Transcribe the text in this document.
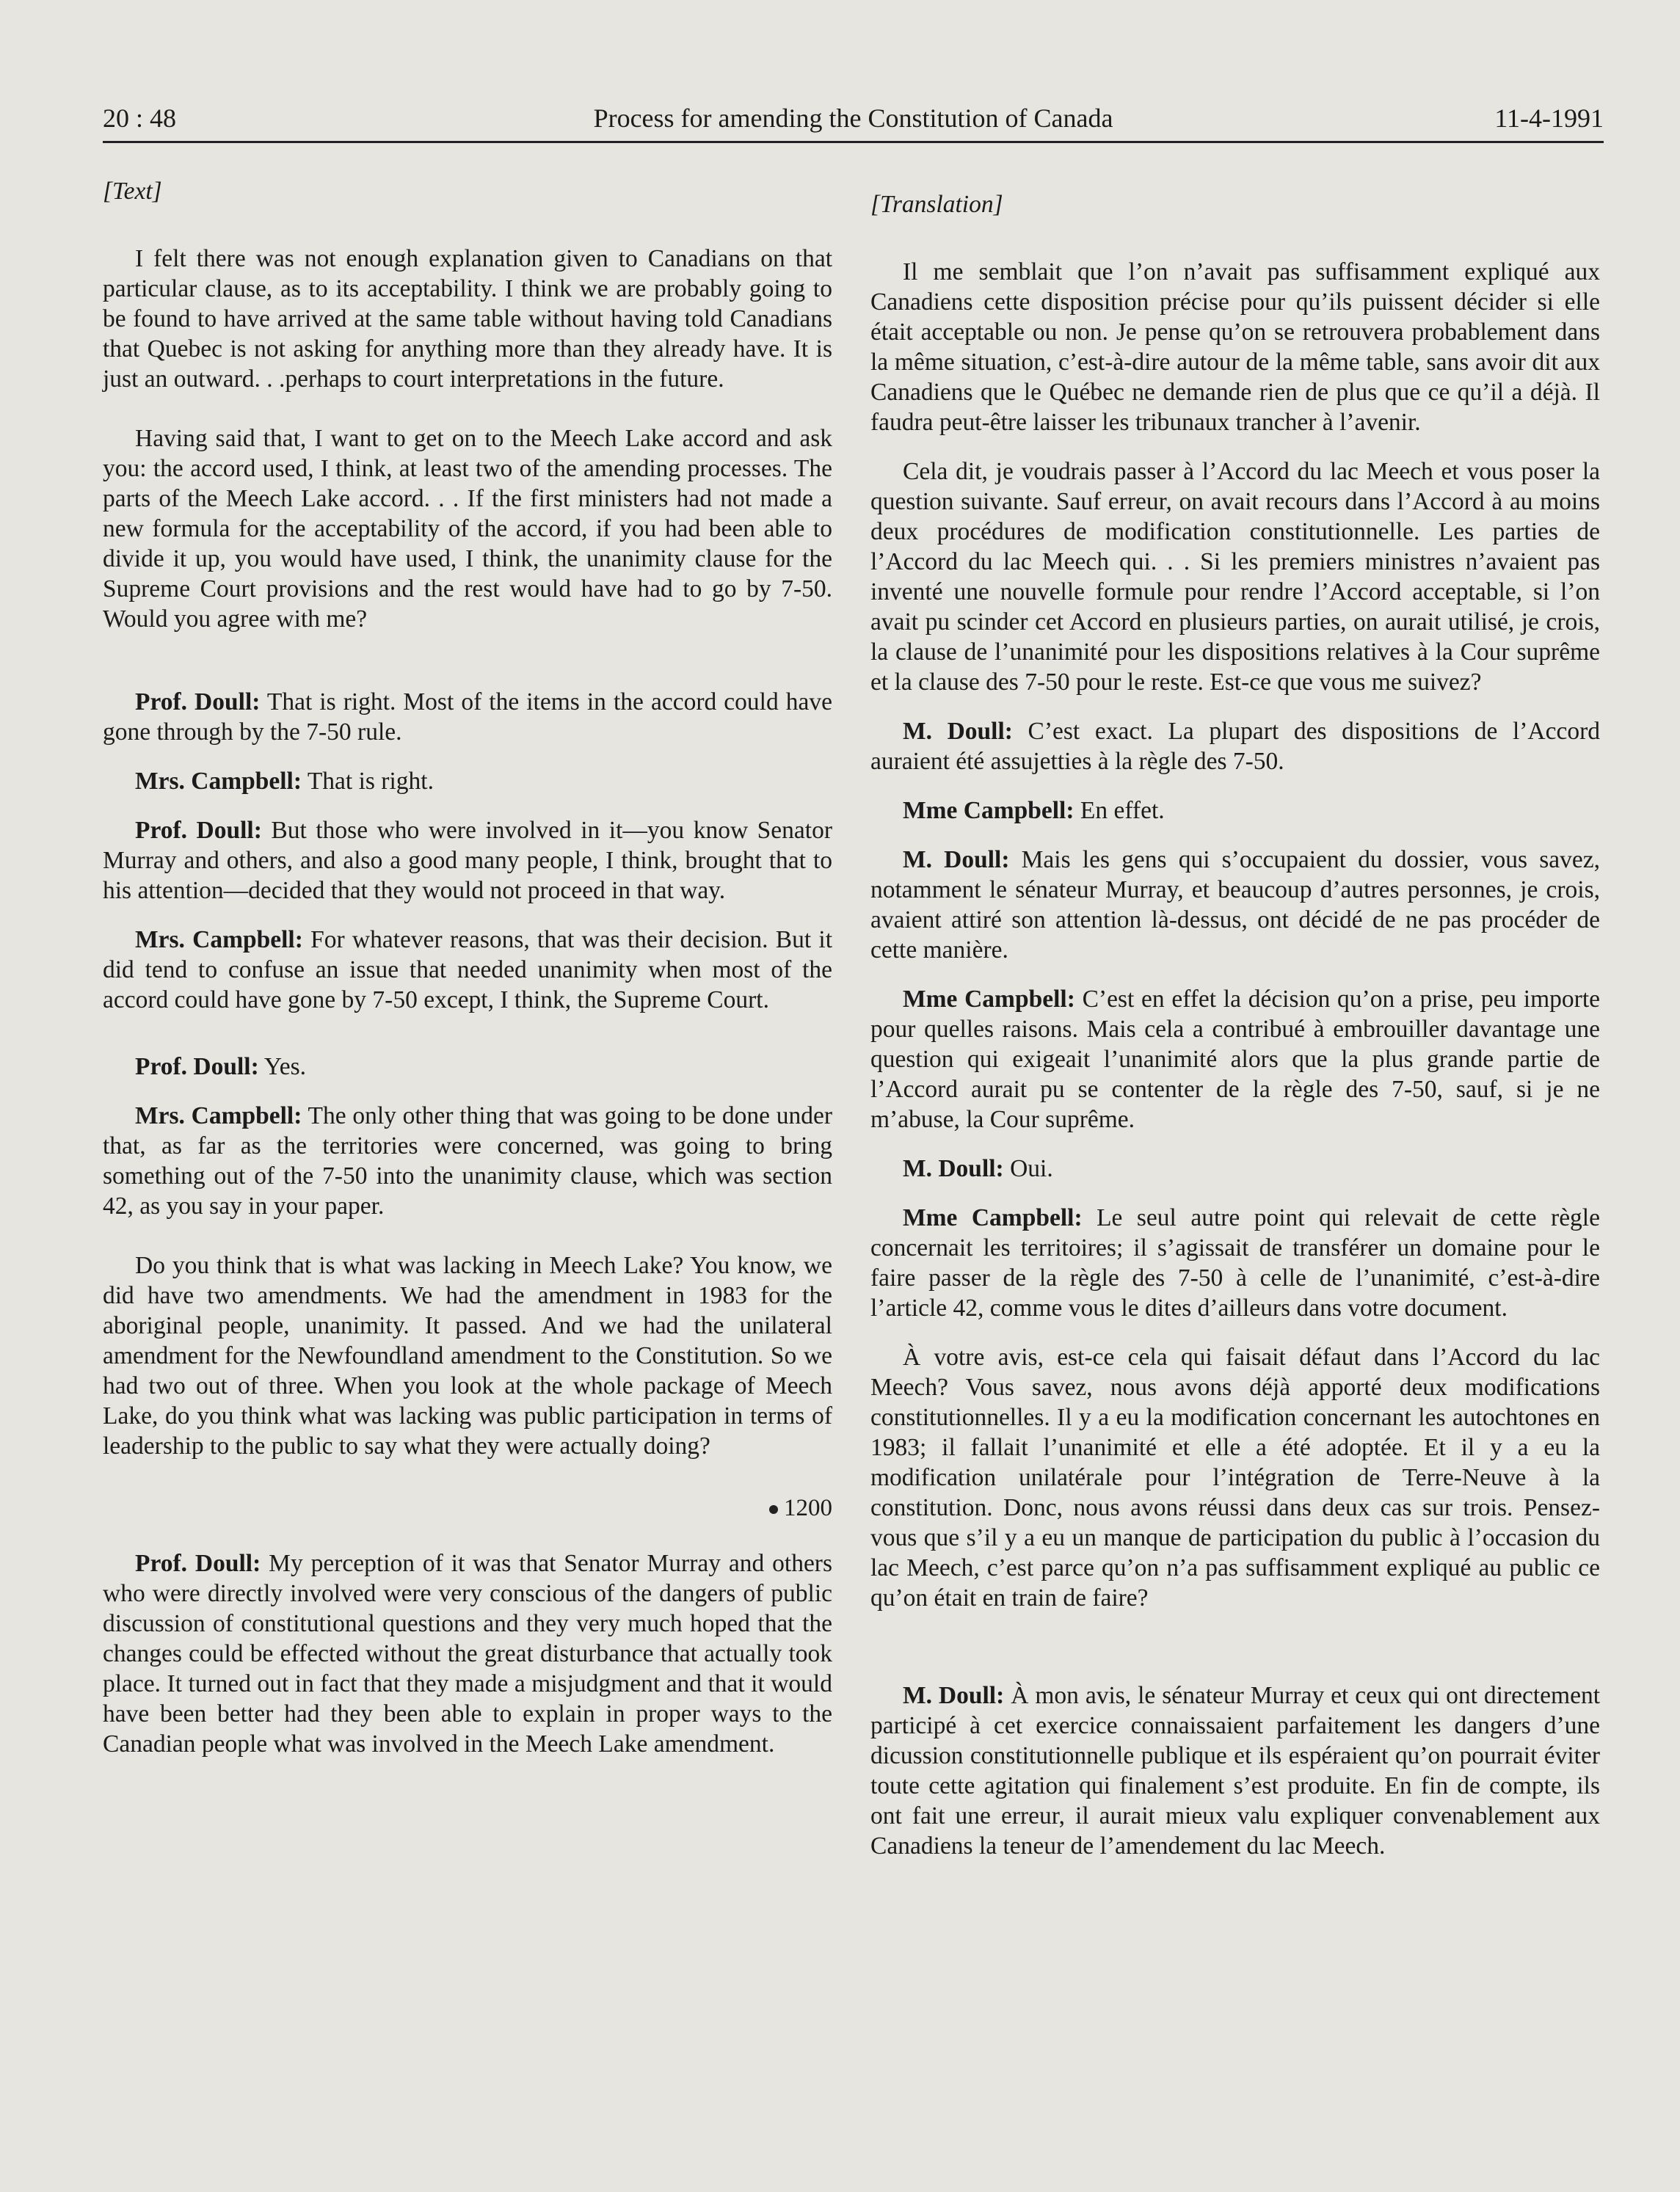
20 : 48	Process for amending the Constitution of Canada	11-4-1991
[Text]

I felt there was not enough explanation given to Canadians on that particular clause, as to its acceptability. I think we are probably going to be found to have arrived at the same table without having told Canadians that Quebec is not asking for anything more than they already have. It is just an outward. . .perhaps to court interpretations in the future.

Having said that, I want to get on to the Meech Lake accord and ask you: the accord used, I think, at least two of the amending processes. The parts of the Meech Lake accord. . . If the first ministers had not made a new formula for the acceptability of the accord, if you had been able to divide it up, you would have used, I think, the unanimity clause for the Supreme Court provisions and the rest would have had to go by 7-50. Would you agree with me?

Prof. Doull: That is right. Most of the items in the accord could have gone through by the 7-50 rule.

Mrs. Campbell: That is right.

Prof. Doull: But those who were involved in it—you know Senator Murray and others, and also a good many people, I think, brought that to his attention—decided that they would not proceed in that way.

Mrs. Campbell: For whatever reasons, that was their decision. But it did tend to confuse an issue that needed unanimity when most of the accord could have gone by 7-50 except, I think, the Supreme Court.

Prof. Doull: Yes.

Mrs. Campbell: The only other thing that was going to be done under that, as far as the territories were concerned, was going to bring something out of the 7-50 into the unanimity clause, which was section 42, as you say in your paper.

Do you think that is what was lacking in Meech Lake? You know, we did have two amendments. We had the amendment in 1983 for the aboriginal people, unanimity. It passed. And we had the unilateral amendment for the Newfoundland amendment to the Constitution. So we had two out of three. When you look at the whole package of Meech Lake, do you think what was lacking was public participation in terms of leadership to the public to say what they were actually doing?

1200

Prof. Doull: My perception of it was that Senator Murray and others who were directly involved were very conscious of the dangers of public discussion of constitutional questions and they very much hoped that the changes could be effected without the great disturbance that actually took place. It turned out in fact that they made a misjudgment and that it would have been better had they been able to explain in proper ways to the Canadian people what was involved in the Meech Lake amendment.

[Translation]

Il me semblait que l’on n’avait pas suffisamment expliqué aux Canadiens cette disposition précise pour qu’ils puissent décider si elle était acceptable ou non. Je pense qu’on se retrouvera probablement dans la même situation, c’est-à-dire autour de la même table, sans avoir dit aux Canadiens que le Québec ne demande rien de plus que ce qu’il a déjà. Il faudra peut-être laisser les tribunaux trancher à l’avenir.

Cela dit, je voudrais passer à l’Accord du lac Meech et vous poser la question suivante. Sauf erreur, on avait recours dans l’Accord à au moins deux procédures de modification constitutionnelle. Les parties de l’Accord du lac Meech qui. . . Si les premiers ministres n’avaient pas inventé une nouvelle formule pour rendre l’Accord acceptable, si l’on avait pu scinder cet Accord en plusieurs parties, on aurait utilisé, je crois, la clause de l’unanimité pour les dispositions relatives à la Cour suprême et la clause des 7-50 pour le reste. Est-ce que vous me suivez?

M. Doull: C’est exact. La plupart des dispositions de l’Accord auraient été assujetties à la règle des 7-50.

Mme Campbell: En effet.

M. Doull: Mais les gens qui s’occupaient du dossier, vous savez, notamment le sénateur Murray, et beaucoup d’autres personnes, je crois, avaient attiré son attention là-dessus, ont décidé de ne pas procéder de cette manière.

Mme Campbell: C’est en effet la décision qu’on a prise, peu importe pour quelles raisons. Mais cela a contribué à embrouiller davantage une question qui exigeait l’unanimité alors que la plus grande partie de l’Accord aurait pu se contenter de la règle des 7-50, sauf, si je ne m’abuse, la Cour suprême.

M. Doull: Oui.

Mme Campbell: Le seul autre point qui relevait de cette règle concernait les territoires; il s’agissait de transférer un domaine pour le faire passer de la règle des 7-50 à celle de l’unanimité, c’est-à-dire l’article 42, comme vous le dites d’ailleurs dans votre document.

À votre avis, est-ce cela qui faisait défaut dans l’Accord du lac Meech? Vous savez, nous avons déjà apporté deux modifications constitutionnelles. Il y a eu la modification concernant les autochtones en 1983; il fallait l’unanimité et elle a été adoptée. Et il y a eu la modification unilatérale pour l’intégration de Terre-Neuve à la constitution. Donc, nous avons réussi dans deux cas sur trois. Pensez-vous que s’il y a eu un manque de participation du public à l’occasion du lac Meech, c’est parce qu’on n’a pas suffisamment expliqué au public ce qu’on était en train de faire?

M. Doull: À mon avis, le sénateur Murray et ceux qui ont directement participé à cet exercice connaissaient parfaitement les dangers d’une dicussion constitutionnelle publique et ils espéraient qu’on pourrait éviter toute cette agitation qui finalement s’est produite. En fin de compte, ils ont fait une erreur, il aurait mieux valu expliquer convenablement aux Canadiens la teneur de l’amendement du lac Meech.
